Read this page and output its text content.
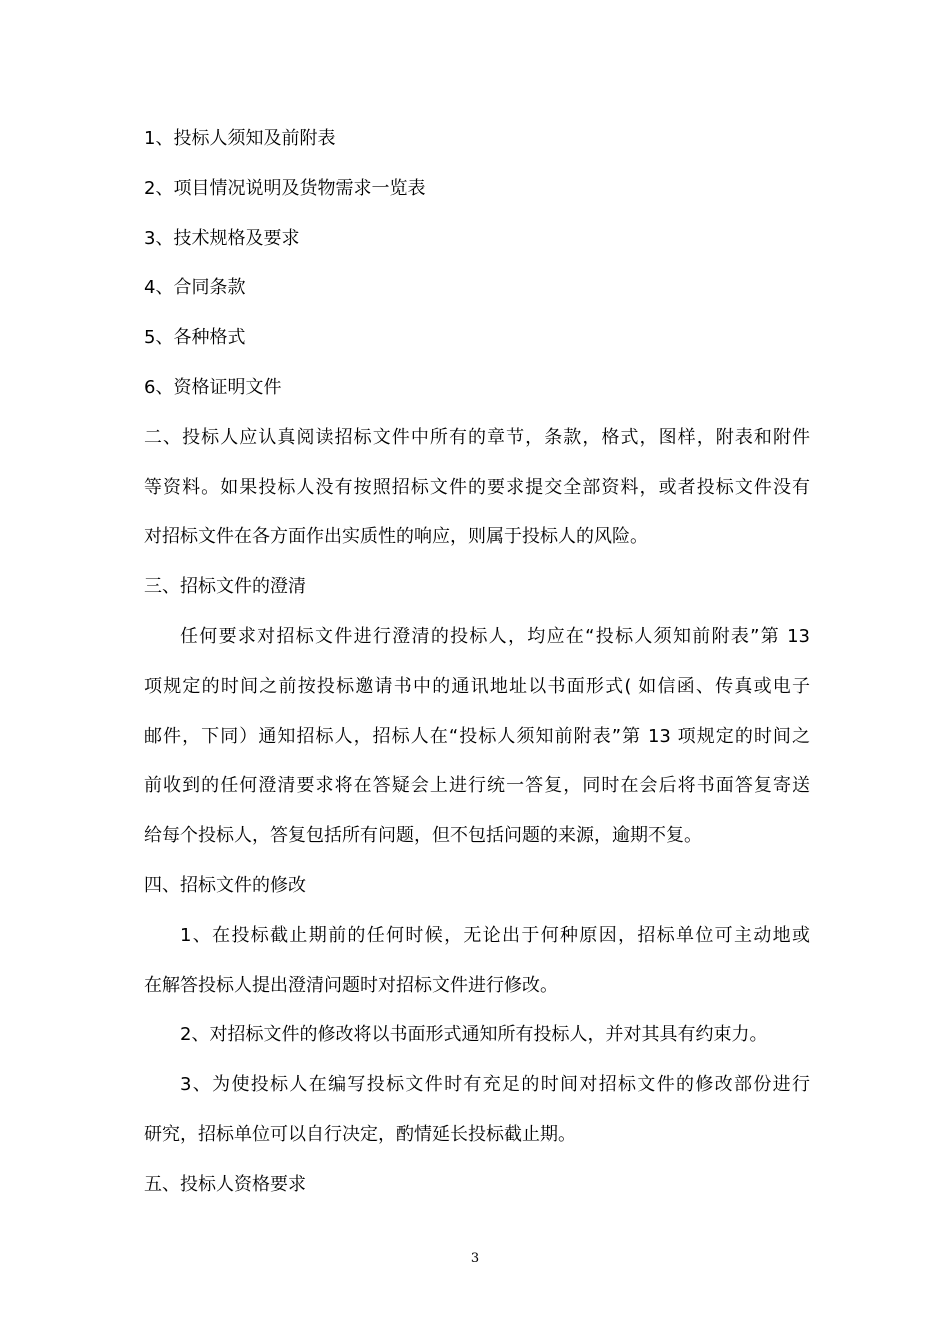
1、投标人须知及前附表
2、项目情况说明及货物需求一览表
3、技术规格及要求
4、合同条款
5、各种格式
6、资格证明文件
二、投标人应认真阅读招标文件中所有的章节，条款，格式，图样，附表和附件
等资料。如果投标人没有按照招标文件的要求提交全部资料，或者投标文件没有
对招标文件在各方面作出实质性的响应，则属于投标人的风险。
三、招标文件的澄清
任何要求对招标文件进行澄清的投标人，均应在“投标人须知前附表”第 13
项规定的时间之前按投标邀请书中的通讯地址以书面形式( 如信函、传真或电子
邮件，下同）通知招标人，招标人在“投标人须知前附表”第 13 项规定的时间之
前收到的任何澄清要求将在答疑会上进行统一答复，同时在会后将书面答复寄送
给每个投标人，答复包括所有问题，但不包括问题的来源，逾期不复。
四、招标文件的修改
1、在投标截止期前的任何时候，无论出于何种原因，招标单位可主动地或
在解答投标人提出澄清问题时对招标文件进行修改。
2、对招标文件的修改将以书面形式通知所有投标人，并对其具有约束力。
3、为使投标人在编写投标文件时有充足的时间对招标文件的修改部份进行
研究，招标单位可以自行决定，酌情延长投标截止期。
五、投标人资格要求
3
